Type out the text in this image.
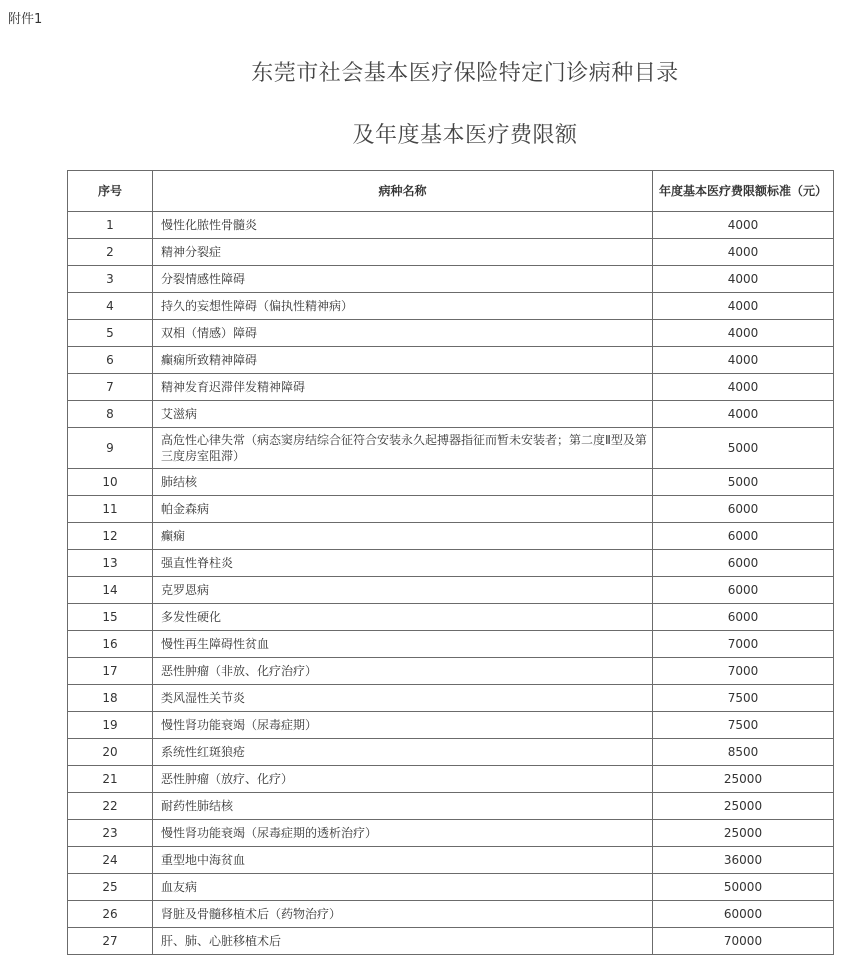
附件1
东莞市社会基本医疗保险特定门诊病种目录
及年度基本医疗费限额
序号	病种名称	年度基本医疗费限额标准（元）
1	慢性化脓性骨髓炎	4000
2	精神分裂症	4000
3	分裂情感性障碍	4000
4	持久的妄想性障碍（偏执性精神病）	4000
5	双相（情感）障碍	4000
6	癫痫所致精神障碍	4000
7	精神发育迟滞伴发精神障碍	4000
8	艾滋病	4000
9	高危性心律失常（病态窦房结综合征符合安装永久起搏器指征而暂未安装者；第二度Ⅱ型及第三度房室阻滞）	5000
10	肺结核	5000
11	帕金森病	6000
12	癫痫	6000
13	强直性脊柱炎	6000
14	克罗恩病	6000
15	多发性硬化	6000
16	慢性再生障碍性贫血	7000
17	恶性肿瘤（非放、化疗治疗）	7000
18	类风湿性关节炎	7500
19	慢性肾功能衰竭（尿毒症期）	7500
20	系统性红斑狼疮	8500
21	恶性肿瘤（放疗、化疗）	25000
22	耐药性肺结核	25000
23	慢性肾功能衰竭（尿毒症期的透析治疗）	25000
24	重型地中海贫血	36000
25	血友病	50000
26	肾脏及骨髓移植术后（药物治疗）	60000
27	肝、肺、心脏移植术后	70000
